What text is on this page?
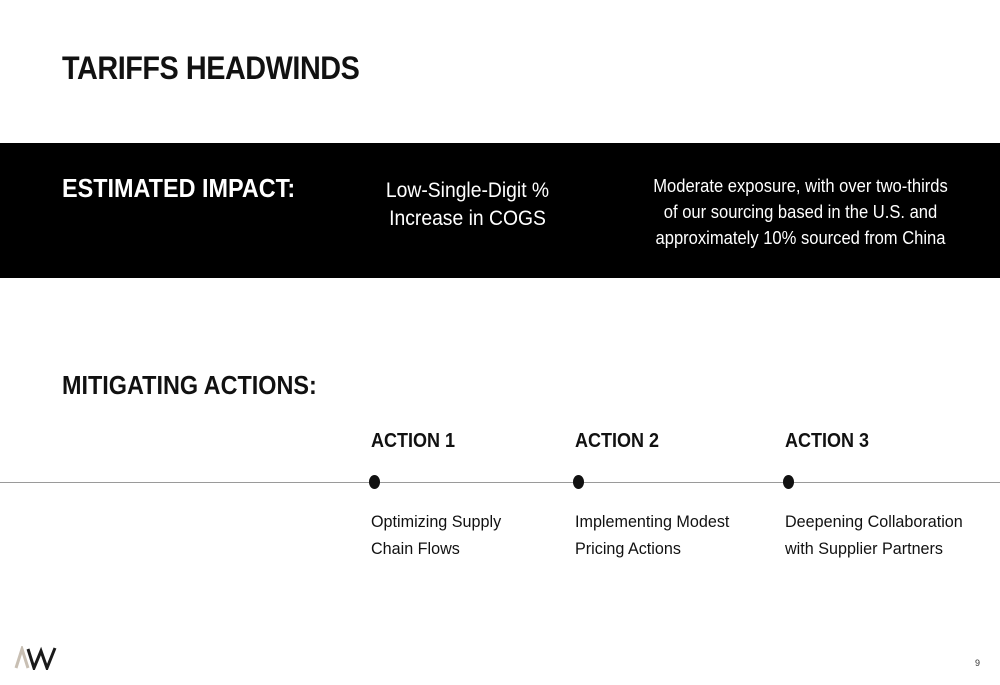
TARIFFS HEADWINDS
ESTIMATED IMPACT:	Low-Single-Digit %
Increase in COGS
Moderate exposure, with over two-thirds
of our sourcing based in the U.S. and
approximately 10% sourced from China
MITIGATING ACTIONS:
ACTION 1
Optimizing Supply
Chain Flows
ACTION 2
Implementing Modest
Pricing Actions
ACTION 3
Deepening Collaboration
with Supplier Partners
9
